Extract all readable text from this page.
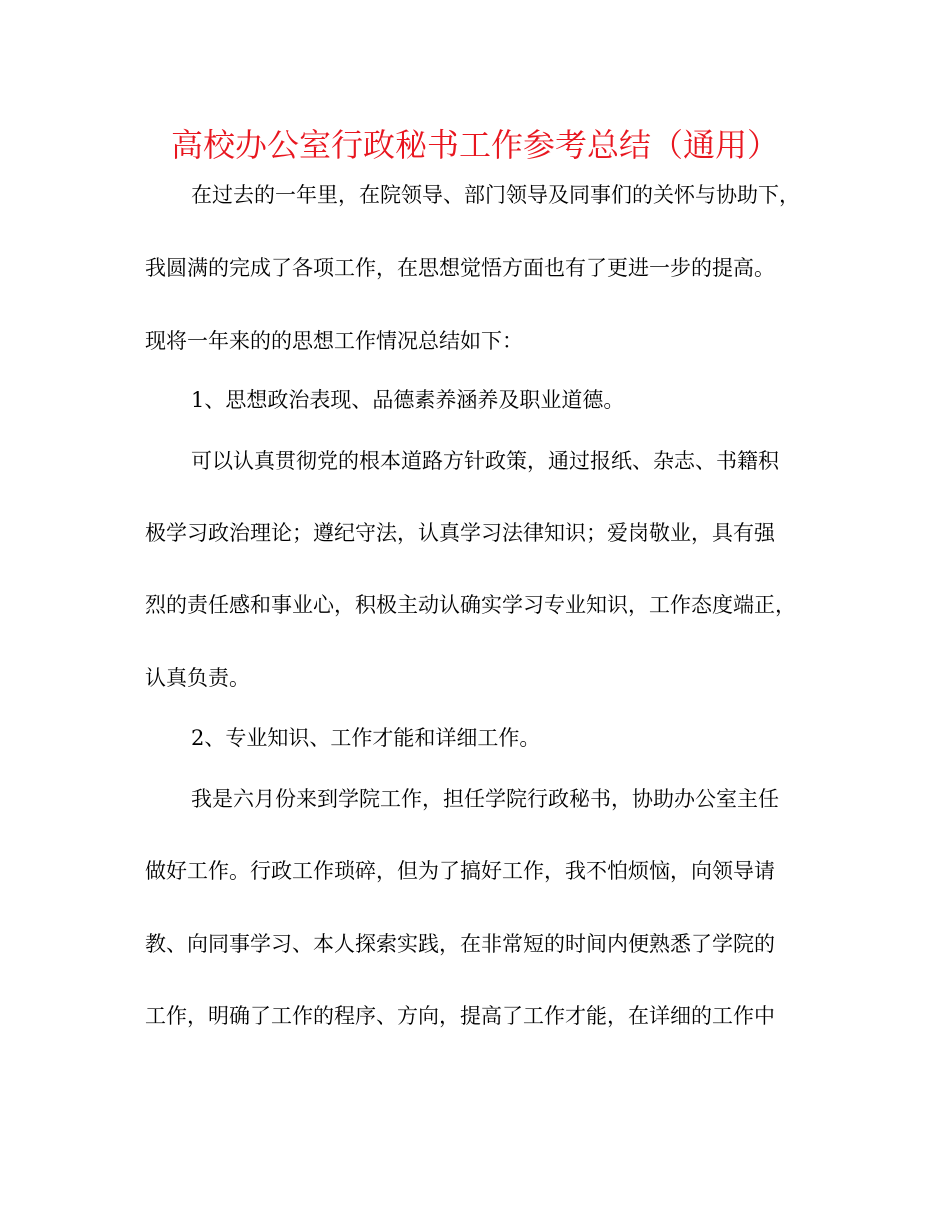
高校办公室行政秘书工作参考总结（通用）
在过去的一年里，在院领导、部门领导及同事们的关怀与协助下，
我圆满的完成了各项工作，在思想觉悟方面也有了更进一步的提高。
现将一年来的的思想工作情况总结如下：
1、思想政治表现、品德素养涵养及职业道德。
可以认真贯彻党的根本道路方针政策，通过报纸、杂志、书籍积
极学习政治理论；遵纪守法，认真学习法律知识；爱岗敬业，具有强
烈的责任感和事业心，积极主动认确实学习专业知识，工作态度端正，
认真负责。
2、专业知识、工作才能和详细工作。
我是六月份来到学院工作，担任学院行政秘书，协助办公室主任
做好工作。行政工作琐碎，但为了搞好工作，我不怕烦恼，向领导请
教、向同事学习、本人探索实践，在非常短的时间内便熟悉了学院的
工作，明确了工作的程序、方向，提高了工作才能，在详细的工作中
